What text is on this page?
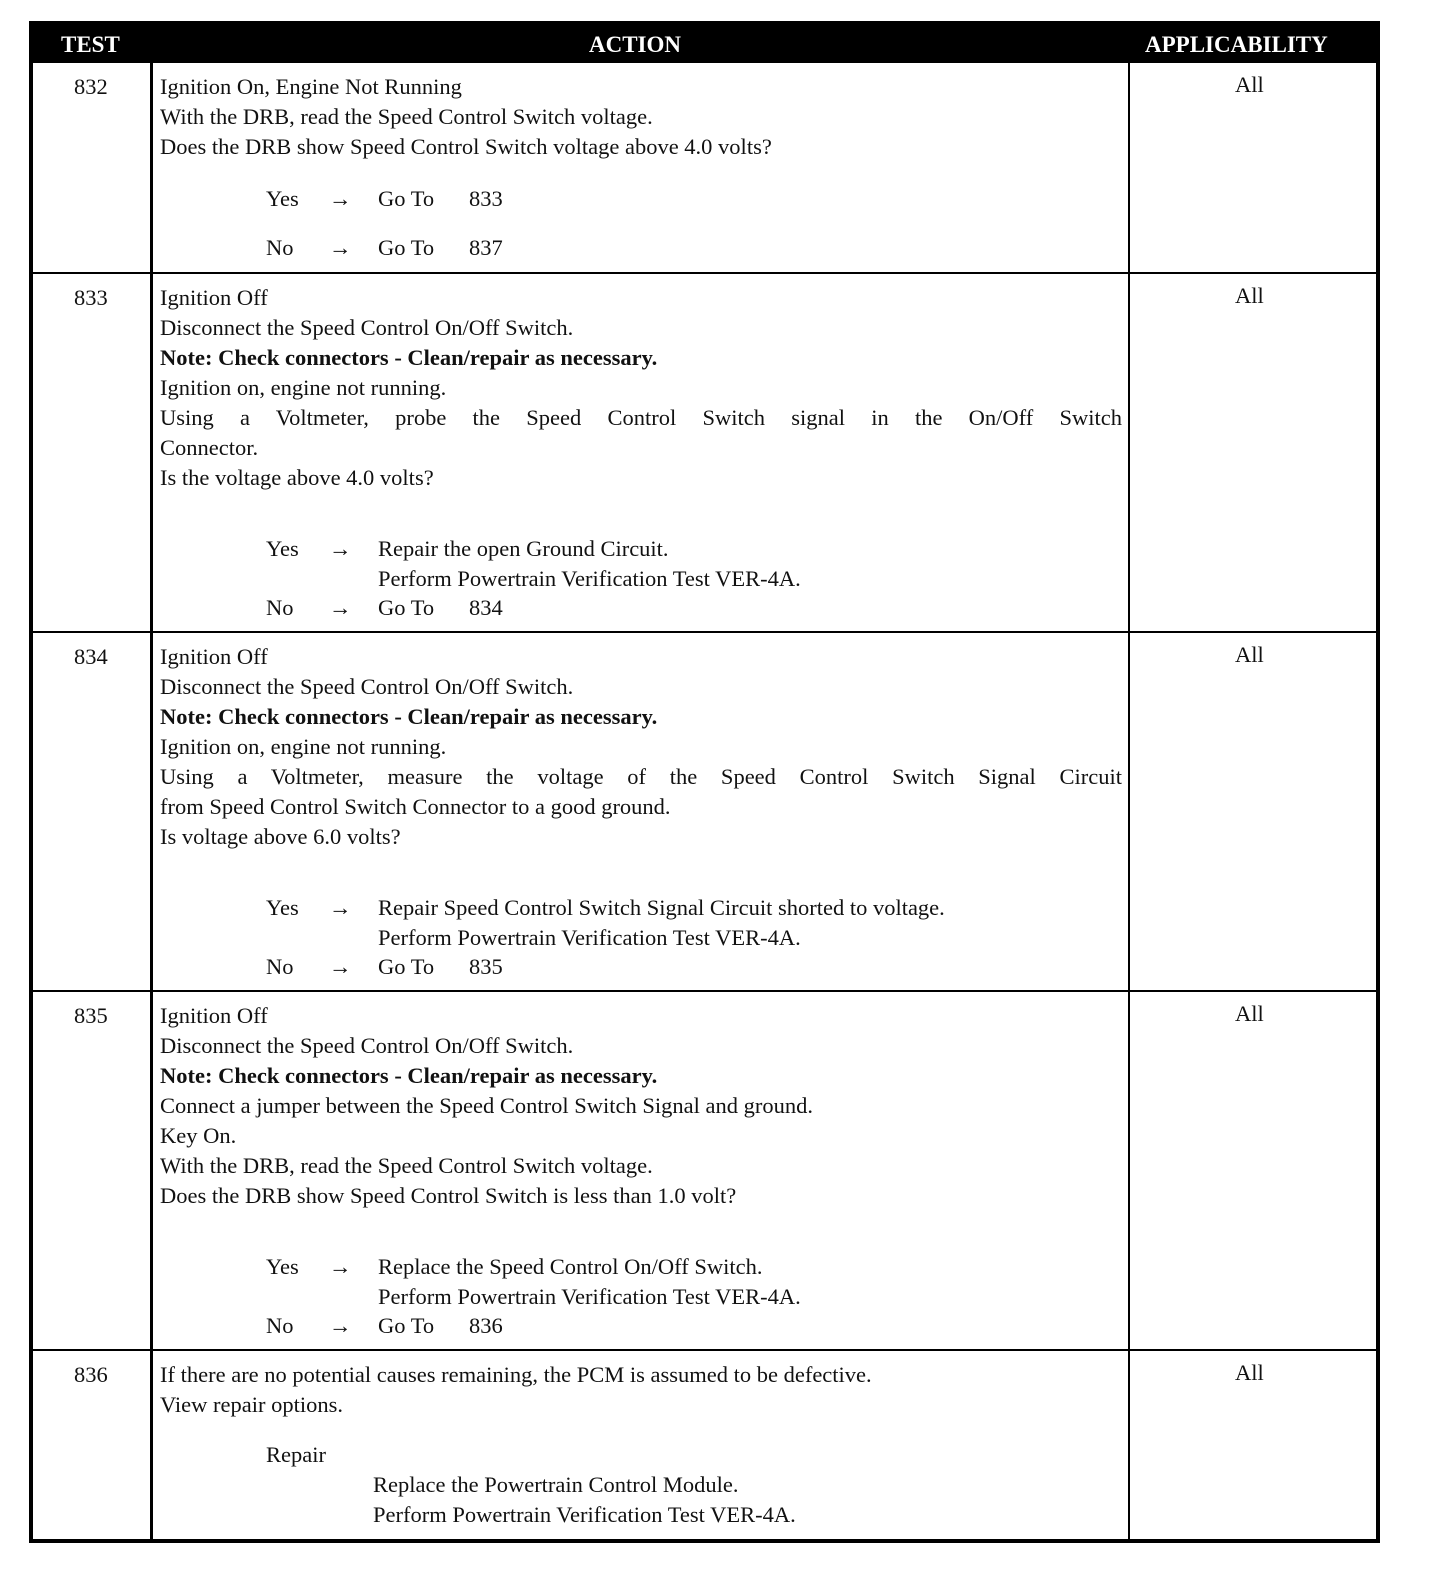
TEST	ACTION	APPLICABILITY
832 Ignition On, Engine Not Running
With the DRB, read the Speed Control Switch voltage.
Does the DRB show Speed Control Switch voltage above 4.0 volts?
Yes → Go To 833
No → Go To 837
All
833 Ignition Off
Disconnect the Speed Control On/Off Switch.
Note: Check connectors - Clean/repair as necessary.
Ignition on, engine not running.
Using a Voltmeter, probe the Speed Control Switch signal in the On/Off Switch
Connector.
Is the voltage above 4.0 volts?
Yes → Repair the open Ground Circuit.
Perform Powertrain Verification Test VER-4A.
No → Go To 834
All
834 Ignition Off
Disconnect the Speed Control On/Off Switch.
Note: Check connectors - Clean/repair as necessary.
Ignition on, engine not running.
Using a Voltmeter, measure the voltage of the Speed Control Switch Signal Circuit
from Speed Control Switch Connector to a good ground.
Is voltage above 6.0 volts?
Yes → Repair Speed Control Switch Signal Circuit shorted to voltage.
Perform Powertrain Verification Test VER-4A.
No → Go To 835
All
835 Ignition Off
Disconnect the Speed Control On/Off Switch.
Note: Check connectors - Clean/repair as necessary.
Connect a jumper between the Speed Control Switch Signal and ground.
Key On.
With the DRB, read the Speed Control Switch voltage.
Does the DRB show Speed Control Switch is less than 1.0 volt?
Yes → Replace the Speed Control On/Off Switch.
Perform Powertrain Verification Test VER-4A.
No → Go To 836
All
836 If there are no potential causes remaining, the PCM is assumed to be defective.
View repair options.
Repair
Replace the Powertrain Control Module.
Perform Powertrain Verification Test VER-4A.
All
